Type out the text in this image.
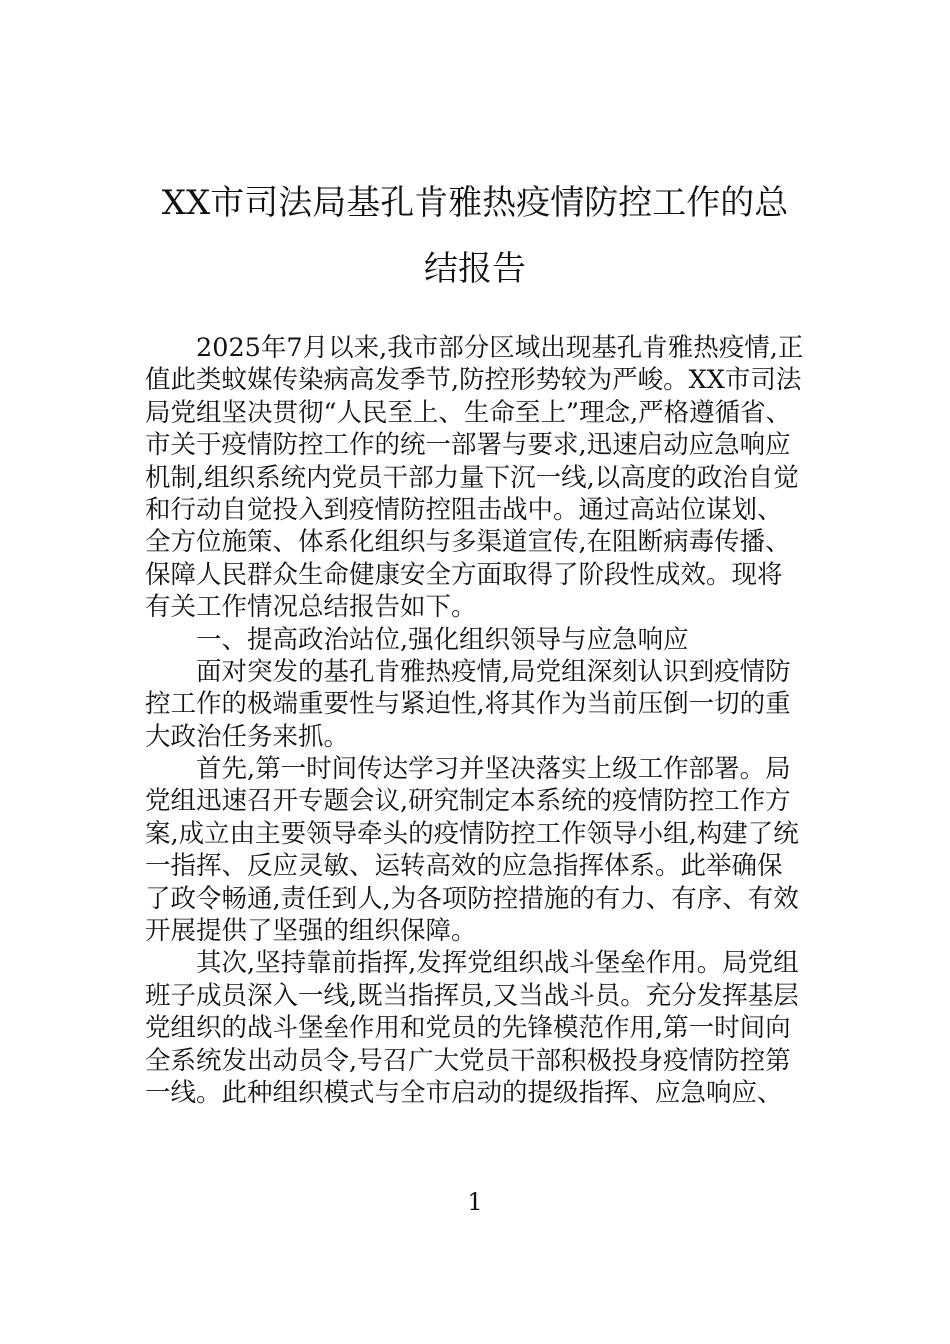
XX市司法局基孔肯雅热疫情防控工作的总
结报告
2025年7月以来,我市部分区域出现基孔肯雅热疫情,正
值此类蚊媒传染病高发季节,防控形势较为严峻。XX市司法
局党组坚决贯彻“人民至上、生命至上”理念,严格遵循省、
市关于疫情防控工作的统一部署与要求,迅速启动应急响应
机制,组织系统内党员干部力量下沉一线,以高度的政治自觉
和行动自觉投入到疫情防控阻击战中。通过高站位谋划、
全方位施策、体系化组织与多渠道宣传,在阻断病毒传播、
保障人民群众生命健康安全方面取得了阶段性成效。现将
有关工作情况总结报告如下。
一、提高政治站位,强化组织领导与应急响应
面对突发的基孔肯雅热疫情,局党组深刻认识到疫情防
控工作的极端重要性与紧迫性,将其作为当前压倒一切的重
大政治任务来抓。
首先,第一时间传达学习并坚决落实上级工作部署。局
党组迅速召开专题会议,研究制定本系统的疫情防控工作方
案,成立由主要领导牵头的疫情防控工作领导小组,构建了统
一指挥、反应灵敏、运转高效的应急指挥体系。此举确保
了政令畅通,责任到人,为各项防控措施的有力、有序、有效
开展提供了坚强的组织保障。
其次,坚持靠前指挥,发挥党组织战斗堡垒作用。局党组
班子成员深入一线,既当指挥员,又当战斗员。充分发挥基层
党组织的战斗堡垒作用和党员的先锋模范作用,第一时间向
全系统发出动员令,号召广大党员干部积极投身疫情防控第
一线。此种组织模式与全市启动的提级指挥、应急响应、
1
